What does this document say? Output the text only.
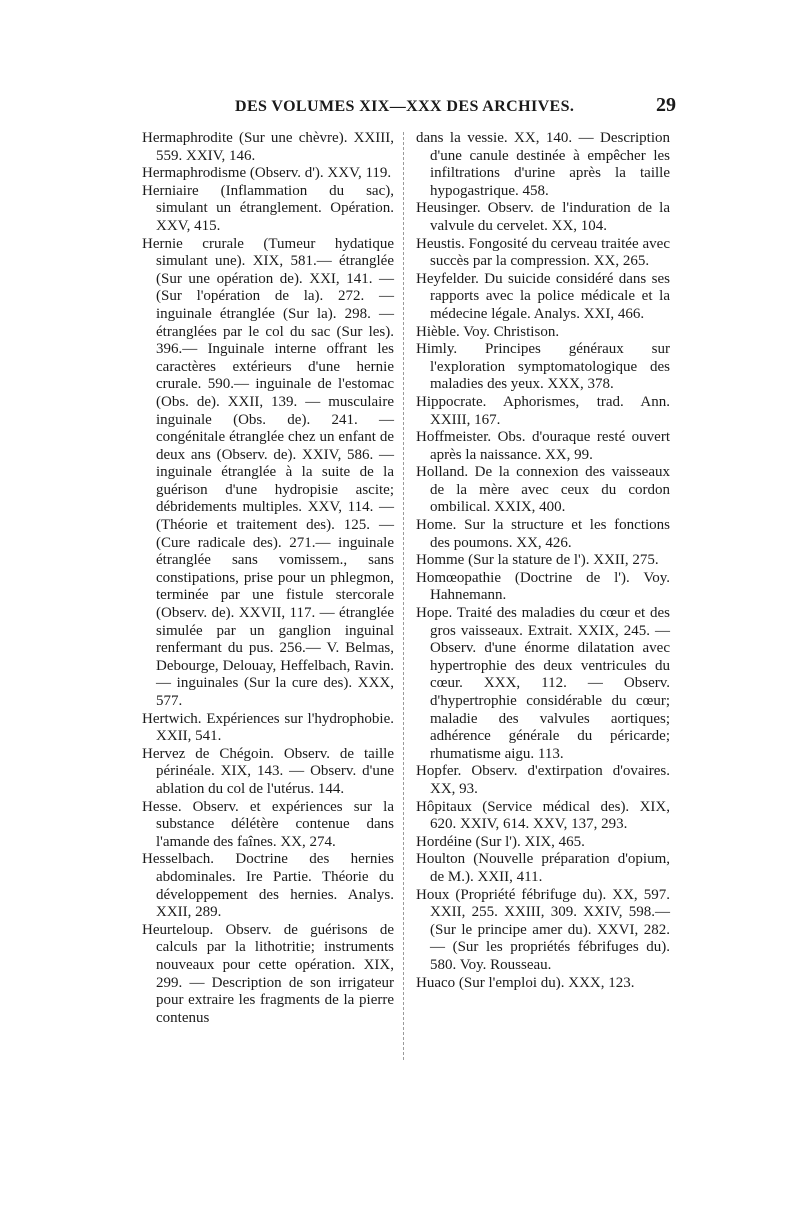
DES VOLUMES XIX—XXX DES ARCHIVES.	29

Hermaphrodite (Sur une chèvre). XXIII, 559. XXIV, 146.

Hermaphrodisme (Observ. d'). XXV, 119.

Herniaire (Inflammation du sac), simulant un étranglement. Opération. XXV, 415.

Hernie crurale (Tumeur hydatique simulant une). XIX, 581.— étranglée (Sur une opération de). XXI, 141. — (Sur l'opération de la). 272. — inguinale étranglée (Sur la). 298. — étranglées par le col du sac (Sur les). 396.— Inguinale interne offrant les caractères extérieurs d'une hernie crurale. 590.— inguinale de l'estomac (Obs. de). XXII, 139. — musculaire inguinale (Obs. de). 241. — congénitale étranglée chez un enfant de deux ans (Observ. de). XXIV, 586. — inguinale étranglée à la suite de la guérison d'une hydropisie ascite; débridements multiples. XXV, 114. — (Théorie et traitement des). 125. — (Cure radicale des). 271.— inguinale étranglée sans vomissem., sans constipations, prise pour un phlegmon, terminée par une fistule stercorale (Observ. de). XXVII, 117. — étranglée simulée par un ganglion inguinal renfermant du pus. 256.— V. Belmas, Debourge, Delouay, Heffelbach, Ravin.— inguinales (Sur la cure des). XXX, 577.

Hertwich. Expériences sur l'hydrophobie. XXII, 541.

Hervez de Chégoin. Observ. de taille périnéale. XIX, 143. — Observ. d'une ablation du col de l'utérus. 144.

Hesse. Observ. et expériences sur la substance délétère contenue dans l'amande des faînes. XX, 274.

Hesselbach. Doctrine des hernies abdominales. Ire Partie. Théorie du développement des hernies. Analys. XXII, 289.

Heurteloup. Observ. de guérisons de calculs par la lithotritie; instruments nouveaux pour cette opération. XIX, 299. — Description de son irrigateur pour extraire les fragments de la pierre contenus

dans la vessie. XX, 140. — Description d'une canule destinée à empêcher les infiltrations d'urine après la taille hypogastrique. 458.

Heusinger. Observ. de l'induration de la valvule du cervelet. XX, 104.

Heustis. Fongosité du cerveau traitée avec succès par la compression. XX, 265.

Heyfelder. Du suicide considéré dans ses rapports avec la police médicale et la médecine légale. Analys. XXI, 466.

Hièble. Voy. Christison.

Himly. Principes généraux sur l'exploration symptomatologique des maladies des yeux. XXX, 378.

Hippocrate. Aphorismes, trad. Ann. XXIII, 167.

Hoffmeister. Obs. d'ouraque resté ouvert après la naissance. XX, 99.

Holland. De la connexion des vaisseaux de la mère avec ceux du cordon ombilical. XXIX, 400.

Home. Sur la structure et les fonctions des poumons. XX, 426.

Homme (Sur la stature de l'). XXII, 275.

Homœopathie (Doctrine de l'). Voy. Hahnemann.

Hope. Traité des maladies du cœur et des gros vaisseaux. Extrait. XXIX, 245. — Observ. d'une énorme dilatation avec hypertrophie des deux ventricules du cœur. XXX, 112. — Observ. d'hypertrophie considérable du cœur; maladie des valvules aortiques; adhérence générale du péricarde; rhumatisme aigu. 113.

Hopfer. Observ. d'extirpation d'ovaires. XX, 93.

Hôpitaux (Service médical des). XIX, 620. XXIV, 614. XXV, 137, 293.

Hordéine (Sur l'). XIX, 465.

Houlton (Nouvelle préparation d'opium, de M.). XXII, 411.

Houx (Propriété fébrifuge du). XX, 597. XXII, 255. XXIII, 309. XXIV, 598.—(Sur le principe amer du). XXVI, 282. — (Sur les propriétés fébrifuges du). 580. Voy. Rousseau.

Huaco (Sur l'emploi du). XXX, 123.
